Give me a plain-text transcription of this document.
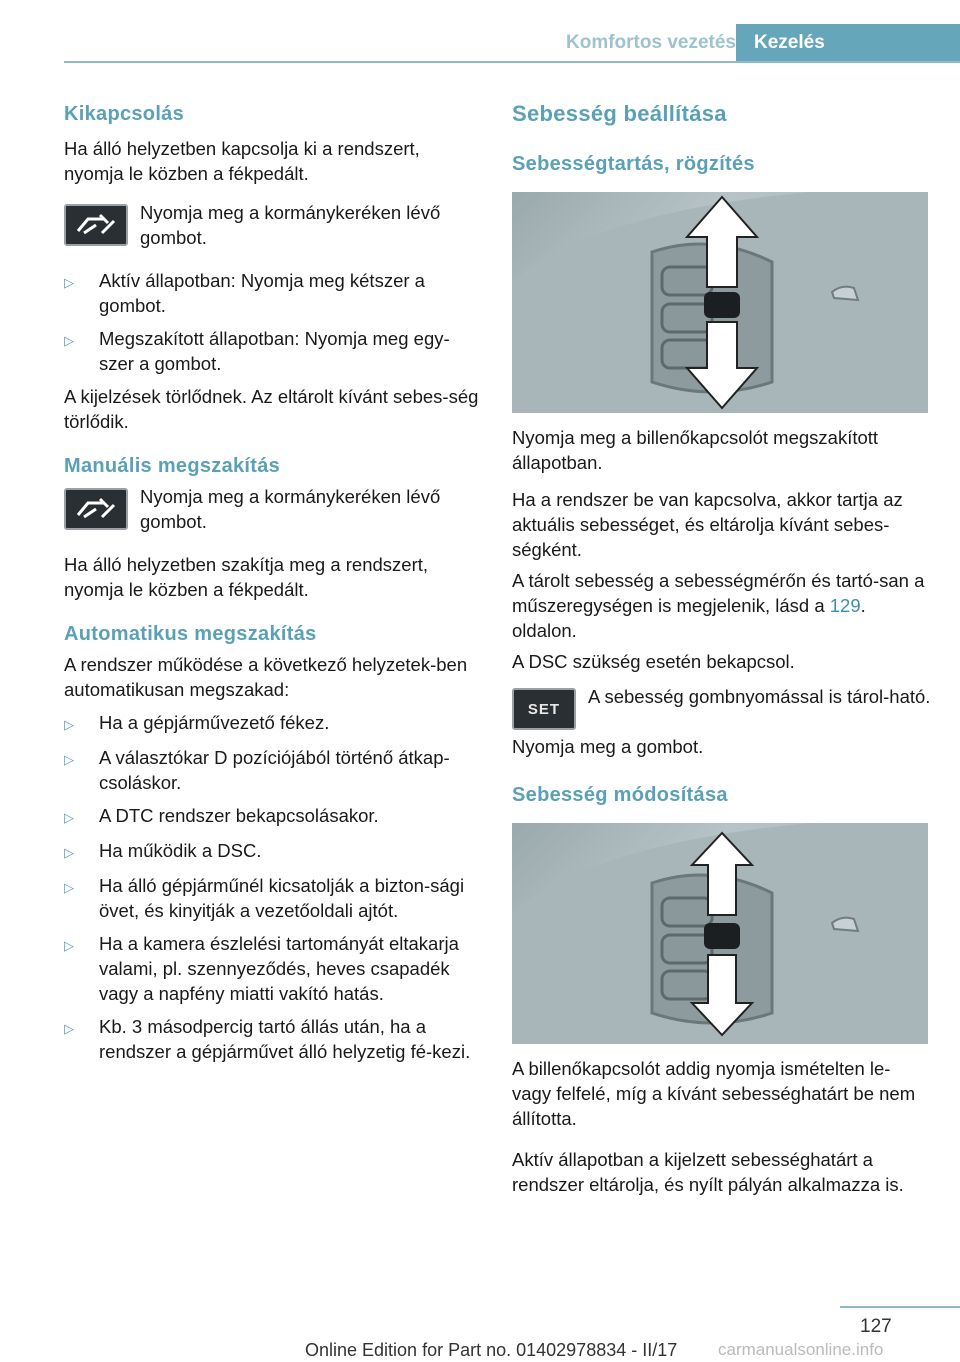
Komfortos vezetés Kezelés
Kikapcsolás

Ha álló helyzetben kapcsolja ki a rendszert, nyomja le közben a fékpedált.

Nyomja meg a kormánykeréken lévő gombot.

▷	Aktív állapotban: Nyomja meg kétszer a gombot.
▷	Megszakított állapotban: Nyomja meg egy-szer a gombot.

A kijelzések törlődnek. Az eltárolt kívánt sebes-ség törlődik.

Manuális megszakítás

Nyomja meg a kormánykeréken lévő gombot.

Ha álló helyzetben szakítja meg a rendszert, nyomja le közben a fékpedált.

Automatikus megszakítás

A rendszer működése a következő helyzetek-ben automatikusan megszakad:

▷	Ha a gépjárművezető fékez.
▷	A választókar D pozíciójából történő átkap-csoláskor.
▷	A DTC rendszer bekapcsolásakor.
▷	Ha működik a DSC.
▷	Ha álló gépjárműnél kicsatolják a bizton-sági övet, és kinyitják a vezetőoldali ajtót.
▷	Ha a kamera észlelési tartományát eltakarja valami, pl. szennyeződés, heves csapadék vagy a napfény miatti vakító hatás.
▷	Kb. 3 másodpercig tartó állás után, ha a rendszer a gépjárművet álló helyzetig fé-kezi.
Sebesség beállítása
Sebességtartás, rögzítés

Nyomja meg a billenőkapcsolót megszakított állapotban.

Ha a rendszer be van kapcsolva, akkor tartja az aktuális sebességet, és eltárolja kívánt sebes-ségként.

A tárolt sebesség a sebességmérőn és tartó-san a műszeregységen is megjelenik, lásd a 129. oldalon.

A DSC szükség esetén bekapcsol.

SET

A sebesség gombnyomással is tárol-ható.

Nyomja meg a gombot.

Sebesség módosítása

A billenőkapcsolót addig nyomja ismételten le- vagy felfelé, míg a kívánt sebességhatárt be nem állította.

Aktív állapotban a kijelzett sebességhatárt a rendszer eltárolja, és nyílt pályán alkalmazza is.

127
Online Edition for Part no. 01402978834 - II/17 carmanualsonline.info
